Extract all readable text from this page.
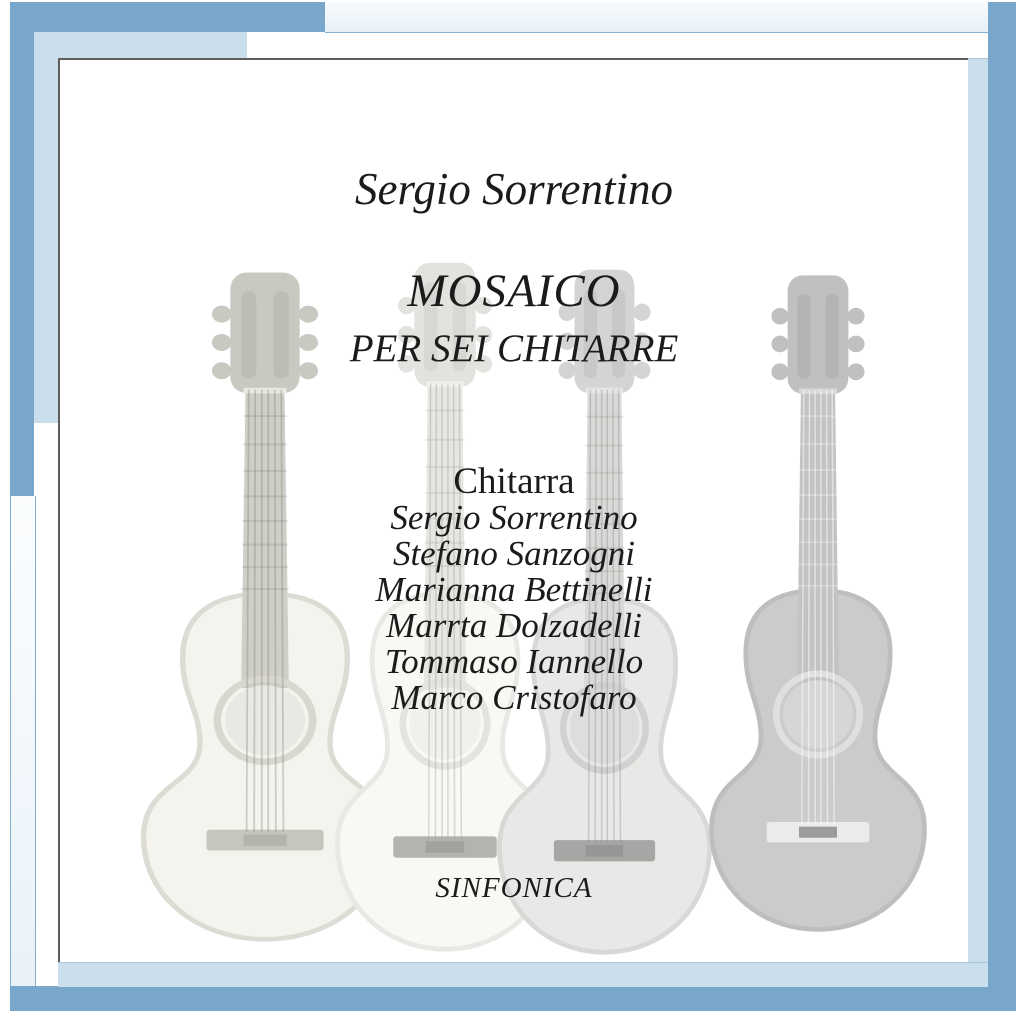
Sergio Sorrentino
MOSAICO
PER SEI CHITARRE
Chitarra
Sergio Sorrentino
Stefano Sanzogni
Marianna Bettinelli
Marrta Dolzadelli
Tommaso Iannello
Marco Cristofaro
SINFONICA
